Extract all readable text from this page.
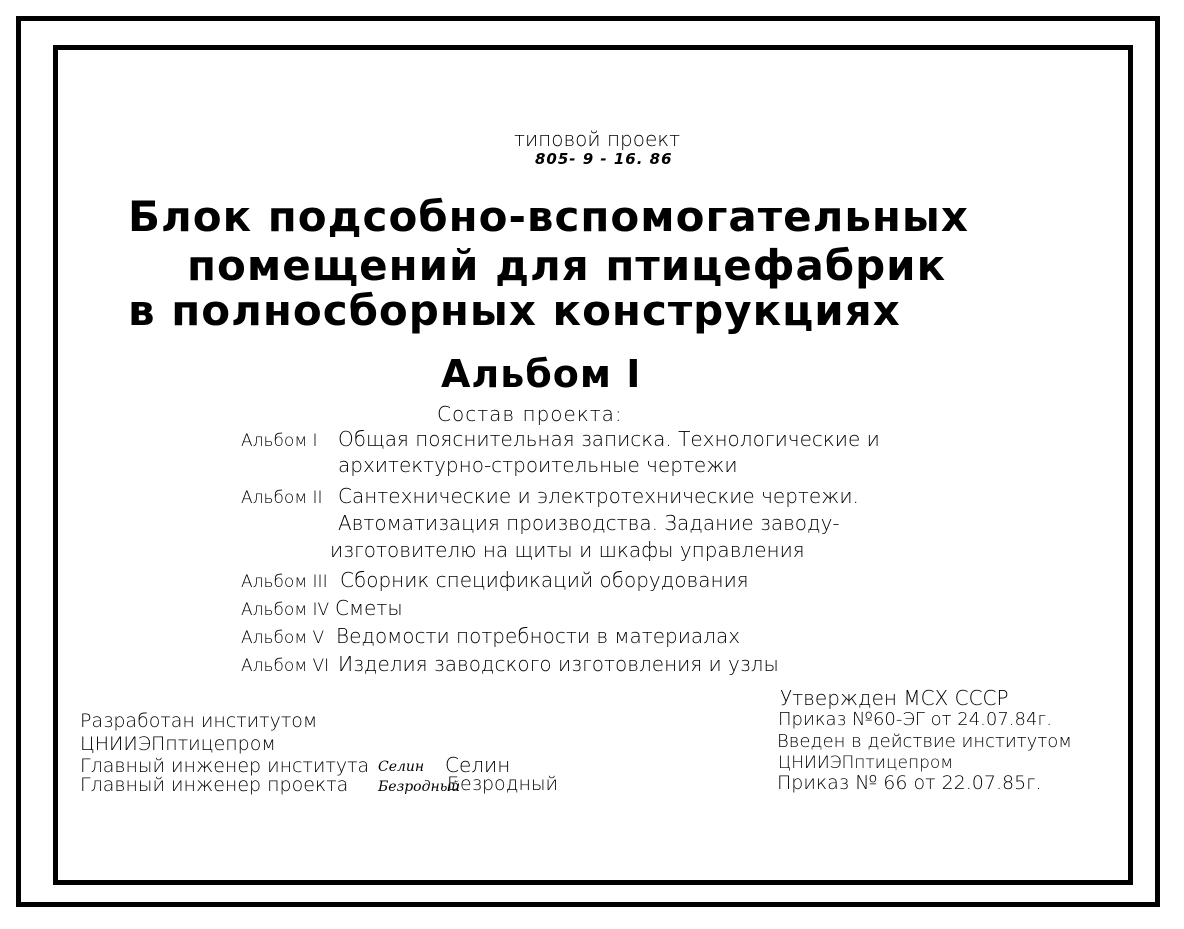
типовой проект
805- 9 - 16. 86
Блок подсобно-вспомогательных
помещений для птицефабрик
в полносборных конструкциях
Альбом I
Состав проекта:
Альбом I Общая пояснительная записка. Технологические и
архитектурно-строительные чертежи
Альбом II Сантехнические и электротехнические чертежи.
Автоматизация производства. Задание заводу-
изготовителю на щиты и шкафы управления
Альбом III Сборник спецификаций оборудования
Альбом IV Сметы
Альбом V Ведомости потребности в материалах
Альбом VI Изделия заводского изготовления и узлы
Разработан институтом
ЦНИИЭПптицепром
Главный инженер института Селин Селин
Главный инженер проекта Безродный
Безродный
Утвержден МСХ СССР
Приказ №60-ЭГ от 24.07.84г.
Введен в действие институтом
ЦНИИЭПптицепром
Приказ № 66 от 22.07.85г.
